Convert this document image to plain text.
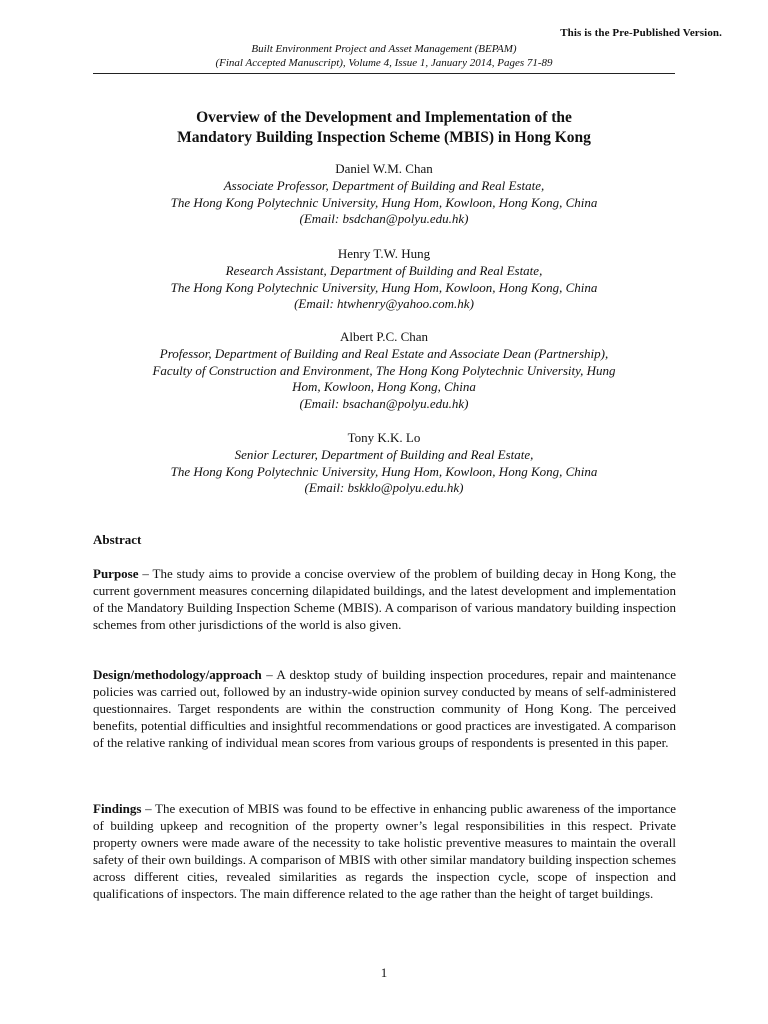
This is the Pre-Published Version.
Built Environment Project and Asset Management (BEPAM)
(Final Accepted Manuscript), Volume 4, Issue 1, January 2014, Pages 71-89
Overview of the Development and Implementation of the
Mandatory Building Inspection Scheme (MBIS) in Hong Kong
Daniel W.M. Chan
Associate Professor, Department of Building and Real Estate,
The Hong Kong Polytechnic University, Hung Hom, Kowloon, Hong Kong, China
(Email: bsdchan@polyu.edu.hk)
Henry T.W. Hung
Research Assistant, Department of Building and Real Estate,
The Hong Kong Polytechnic University, Hung Hom, Kowloon, Hong Kong, China
(Email: htwhenry@yahoo.com.hk)
Albert P.C. Chan
Professor, Department of Building and Real Estate and Associate Dean (Partnership),
Faculty of Construction and Environment, The Hong Kong Polytechnic University, Hung
Hom, Kowloon, Hong Kong, China
(Email: bsachan@polyu.edu.hk)
Tony K.K. Lo
Senior Lecturer, Department of Building and Real Estate,
The Hong Kong Polytechnic University, Hung Hom, Kowloon, Hong Kong, China
(Email: bskklo@polyu.edu.hk)
Abstract
Purpose – The study aims to provide a concise overview of the problem of building decay in Hong Kong, the current government measures concerning dilapidated buildings, and the latest development and implementation of the Mandatory Building Inspection Scheme (MBIS). A comparison of various mandatory building inspection schemes from other jurisdictions of the world is also given.
Design/methodology/approach – A desktop study of building inspection procedures, repair and maintenance policies was carried out, followed by an industry-wide opinion survey conducted by means of self-administered questionnaires. Target respondents are within the construction community of Hong Kong. The perceived benefits, potential difficulties and insightful recommendations or good practices are investigated. A comparison of the relative ranking of individual mean scores from various groups of respondents is presented in this paper.
Findings – The execution of MBIS was found to be effective in enhancing public awareness of the importance of building upkeep and recognition of the property owner’s legal responsibilities in this respect. Private property owners were made aware of the necessity to take holistic preventive measures to maintain the overall safety of their own buildings. A comparison of MBIS with other similar mandatory building inspection schemes across different cities, revealed similarities as regards the inspection cycle, scope of inspection and qualifications of inspectors. The main difference related to the age rather than the height of target buildings.
1
